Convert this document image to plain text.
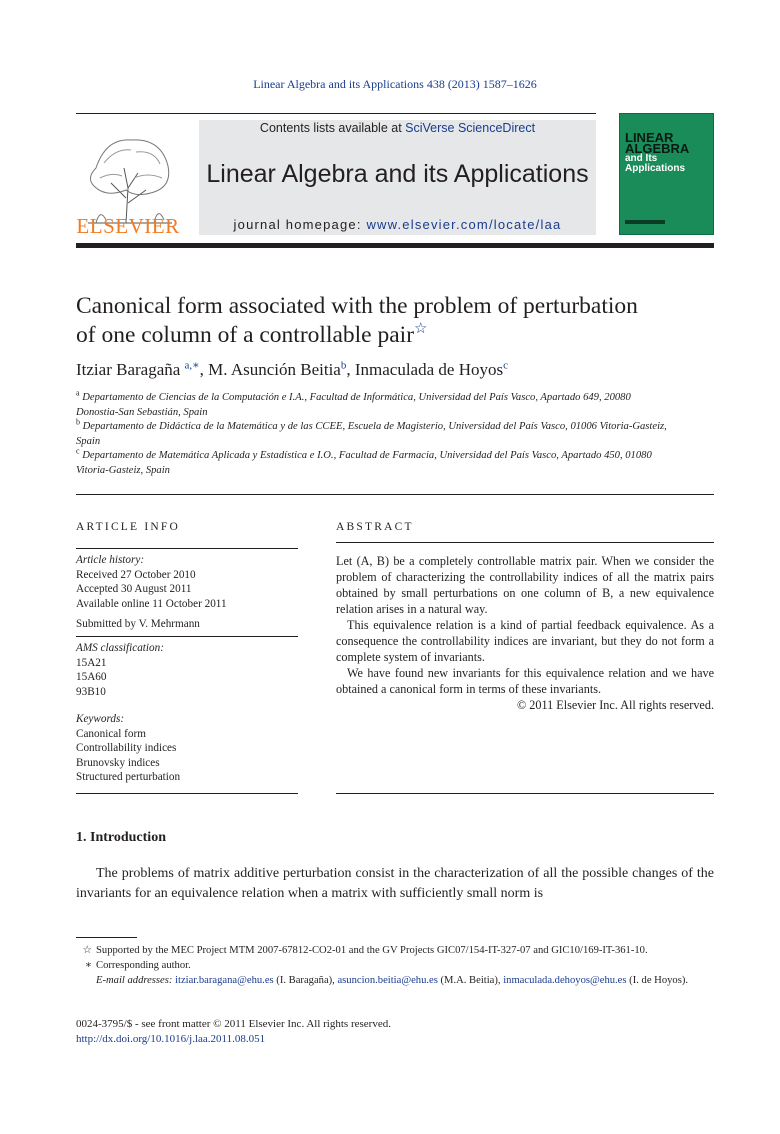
Linear Algebra and its Applications 438 (2013) 1587–1626
ELSEVIER
Contents lists available at SciVerse ScienceDirect
Linear Algebra and its Applications
journal homepage: www.elsevier.com/locate/laa
LINEAR
ALGEBRA
and Its
Applications
Canonical form associated with the problem of perturbation
of one column of a controllable pair☆
Itziar Baragaña $^{a,∗}$, M. Asunción Beitia$^b$, Inmaculada de Hoyos$^c$
$^a$ Departamento de Ciencias de la Computación e I.A., Facultad de Informática, Universidad del País Vasco, Apartado 649, 20080
Donostia-San Sebastián, Spain
$^b$ Departamento de Didáctica de la Matemática y de las CCEE, Escuela de Magisterio, Universidad del País Vasco, 01006 Vitoria-Gasteiz,
Spain
$^c$ Departamento de Matemática Aplicada y Estadística e I.O., Facultad de Farmacia, Universidad del País Vasco, Apartado 450, 01080
Vitoria-Gasteiz, Spain
ARTICLE INFO
Article history:
Received 27 October 2010
Accepted 30 August 2011
Available online 11 October 2011
Submitted by V. Mehrmann
AMS classification:
15A21
15A60
93B10
Keywords:
Canonical form
Controllability indices
Brunovsky indices
Structured perturbation
ABSTRACT

Let (A, B) be a completely controllable matrix pair. When we consider the problem of characterizing the controllability indices of all the matrix pairs obtained by small perturbations on one column of B, a new equivalence relation arises in a natural way.

This equivalence relation is a kind of partial feedback equivalence. As a consequence the controllability indices are invariant, but they do not form a complete system of invariants.

We have found new invariants for this equivalence relation and we have obtained a canonical form in terms of these invariants.

© 2011 Elsevier Inc. All rights reserved.

1. Introduction
The problems of matrix additive perturbation consist in the characterization of all the possible changes of the invariants for an equivalence relation when a matrix with sufficiently small norm is
☆ Supported by the MEC Project MTM 2007-67812-CO2-01 and the GV Projects GIC07/154-IT-327-07 and GIC10/169-IT-361-10.
∗ Corresponding author.
E-mail addresses: itziar.baragana@ehu.es (I. Baragaña), asuncion.beitia@ehu.es (M.A. Beitia), inmaculada.dehoyos@ehu.es (I. de Hoyos).
0024-3795/$ - see front matter © 2011 Elsevier Inc. All rights reserved.
http://dx.doi.org/10.1016/j.laa.2011.08.051
